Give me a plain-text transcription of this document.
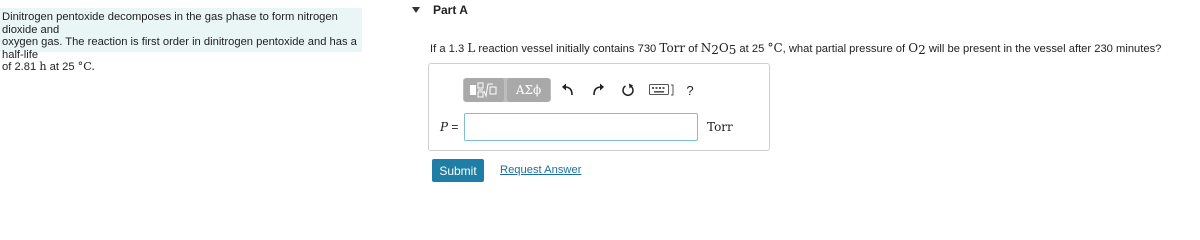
Dinitrogen pentoxide decomposes in the gas phase to form nitrogen dioxide and
oxygen gas. The reaction is first order in dinitrogen pentoxide and has a half-life
of 2.81 h at 25 °C.
Part A
If a 1.3 L reaction vessel initially contains 730 Torr of $N_2O_5$ at 25 °C, what partial pressure of $O_2$ will be present in the vessel after 230 minutes?
ΑΣϕ	?
P =	Torr
Submit	Request Answer
